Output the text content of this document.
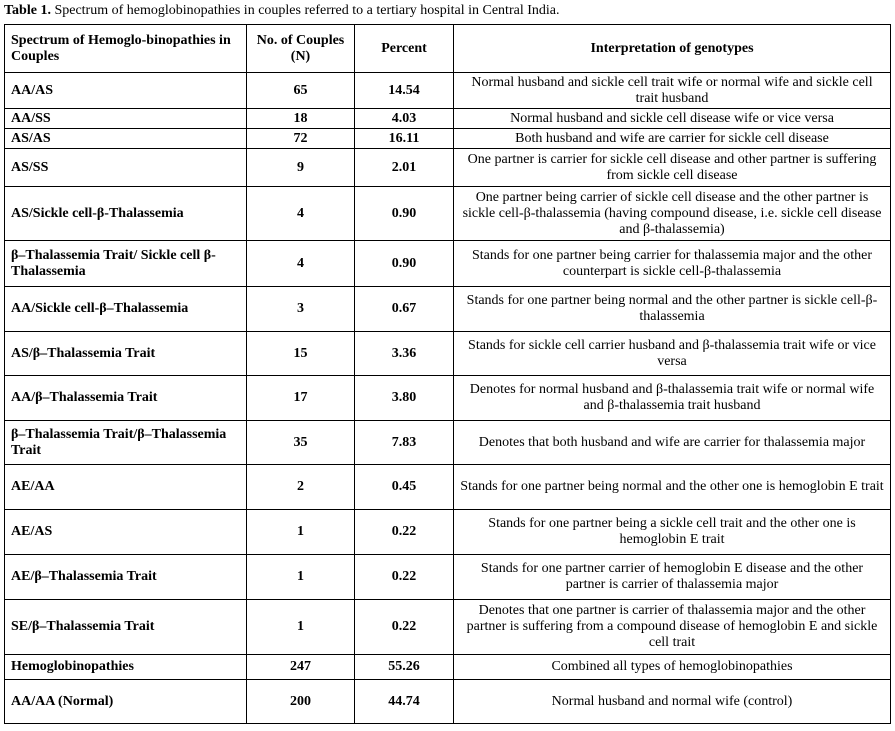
Table 1. Spectrum of hemoglobinopathies in couples referred to a tertiary hospital in Central India.
Spectrum of Hemoglo-binopathies in Couples	No. of Couples (N)	Percent	Interpretation of genotypes
AA/AS	65	14.54	Normal husband and sickle cell trait wife or normal wife and sickle cell trait husband
AA/SS	18	4.03	Normal husband and sickle cell disease wife or vice versa
AS/AS	72	16.11	Both husband and wife are carrier for sickle cell disease
AS/SS	9	2.01	One partner is carrier for sickle cell disease and other partner is suffering from sickle cell disease
AS/Sickle cell-β-Thalassemia	4	0.90	One partner being carrier of sickle cell disease and the other partner is sickle cell-β-thalassemia (having compound disease, i.e. sickle cell disease and β-thalassemia)
β–Thalassemia Trait/ Sickle cell β-Thalassemia	4	0.90	Stands for one partner being carrier for thalassemia major and the other counterpart is sickle cell-β-thalassemia
AA/Sickle cell-β–Thalassemia	3	0.67	Stands for one partner being normal and the other partner is sickle cell-β-thalassemia
AS/β–Thalassemia Trait	15	3.36	Stands for sickle cell carrier husband and β-thalassemia trait wife or vice versa
AA/β–Thalassemia Trait	17	3.80	Denotes for normal husband and β-thalassemia trait wife or normal wife and β-thalassemia trait husband
β–Thalassemia Trait/β–Thalassemia Trait	35	7.83	Denotes that both husband and wife are carrier for thalassemia major
AE/AA	2	0.45	Stands for one partner being normal and the other one is hemoglobin E trait
AE/AS	1	0.22	Stands for one partner being a sickle cell trait and the other one is hemoglobin E trait
AE/β–Thalassemia Trait	1	0.22	Stands for one partner carrier of hemoglobin E disease and the other partner is carrier of thalassemia major
SE/β–Thalassemia Trait	1	0.22	Denotes that one partner is carrier of thalassemia major and the other partner is suffering from a compound disease of hemoglobin E and sickle cell trait
Hemoglobinopathies	247	55.26	Combined all types of hemoglobinopathies
AA/AA (Normal)	200	44.74	Normal husband and normal wife (control)
